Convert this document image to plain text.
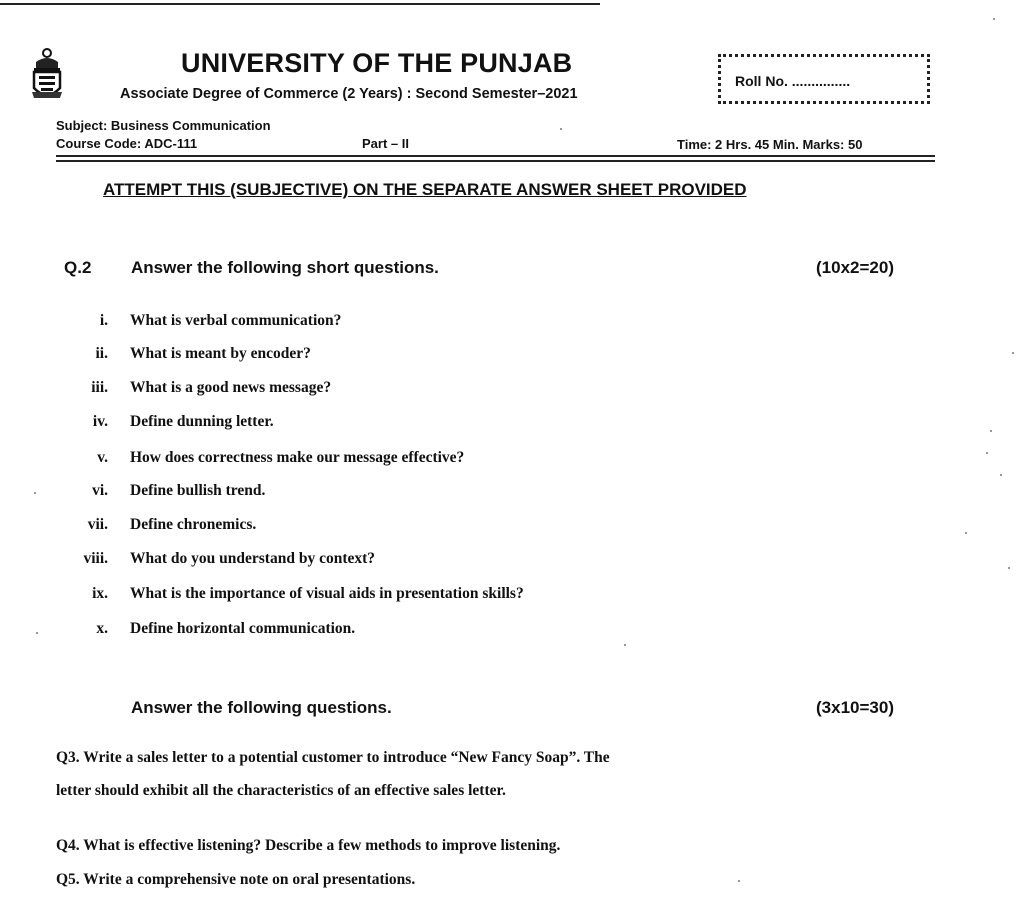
UNIVERSITY OF THE PUNJAB
Associate Degree of Commerce (2 Years) : Second Semester–2021
Roll No. ...............
Subject: Business Communication
Course Code: ADC-111	Part – II	Time: 2 Hrs. 45 Min. Marks: 50
ATTEMPT THIS (SUBJECTIVE) ON THE SEPARATE ANSWER SHEET PROVIDED
Q.2 Answer the following short questions.	(10x2=20)
i. What is verbal communication?
ii. What is meant by encoder?
iii. What is a good news message?
iv. Define dunning letter.
v. How does correctness make our message effective?
vi. Define bullish trend.
vii. Define chronemics.
viii. What do you understand by context?
ix. What is the importance of visual aids in presentation skills?
x. Define horizontal communication.
Answer the following questions.	(3x10=30)
Q3. Write a sales letter to a potential customer to introduce “New Fancy Soap”. The
letter should exhibit all the characteristics of an effective sales letter.
Q4. What is effective listening? Describe a few methods to improve listening.
Q5. Write a comprehensive note on oral presentations.
